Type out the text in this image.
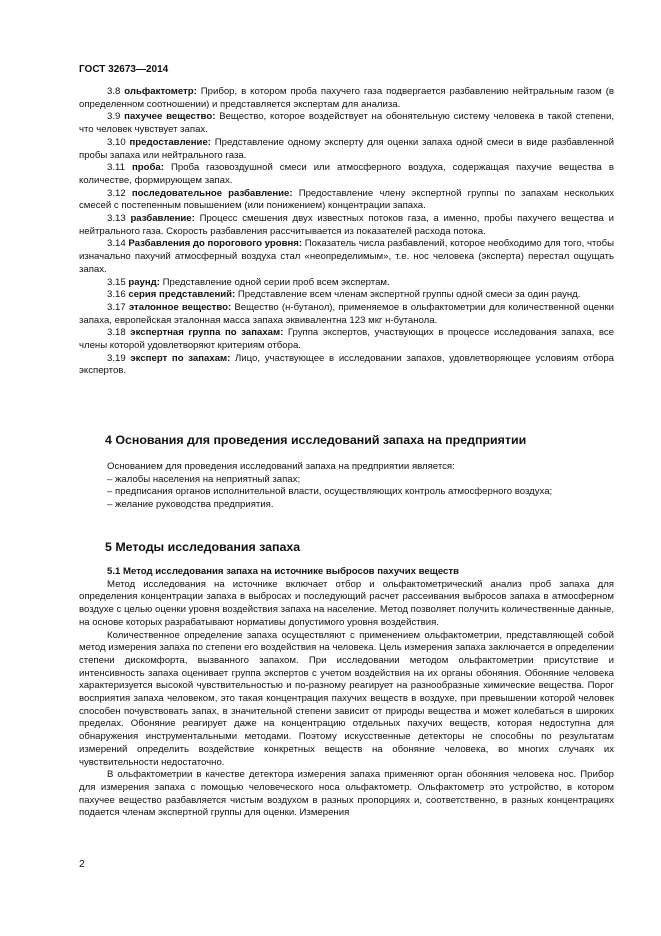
ГОСТ 32673—2014

3.8 ольфактометр: Прибор, в котором проба пахучего газа подвергается разбавлению нейтральным газом (в определенном соотношении) и представляется экспертам для анализа.

3.9 пахучее вещество: Вещество, которое воздействует на обонятельную систему человека в такой степени, что человек чувствует запах.

3.10 предоставление: Представление одному эксперту для оценки запаха одной смеси в виде разбавленной пробы запаха или нейтрального газа.

3.11 проба: Проба газовоздушной смеси или атмосферного воздуха, содержащая пахучие вещества в количестве, формирующем запах.

3.12 последовательное разбавление: Предоставление члену экспертной группы по запахам нескольких смесей с постепенным повышением (или понижением) концентрации запаха.

3.13 разбавление: Процесс смешения двух известных потоков газа, а именно, пробы пахучего вещества и нейтрального газа. Скорость разбавления рассчитывается из показателей расхода потока.

3.14 Разбавления до порогового уровня: Показатель числа разбавлений, которое необходимо для того, чтобы изначально пахучий атмосферный воздуха стал «неопределимым», т.е. нос человека (эксперта) перестал ощущать запах.

3.15 раунд: Представление одной серии проб всем экспертам.

3.16 серия представлений: Представление всем членам экспертной группы одной смеси за один раунд.

3.17 эталонное вещество: Вещество (н-бутанол), применяемое в ольфактометрии для количественной оценки запаха, европейская эталонная масса запаха эквивалентна 123 мкг н-бутанола.

3.18 экспертная группа по запахам: Группа экспертов, участвующих в процессе исследования запаха, все члены которой удовлетворяют критериям отбора.

3.19 эксперт по запахам: Лицо, участвующее в исследовании запахов, удовлетворяющее условиям отбора экспертов.

4 Основания для проведения исследований запаха на предприятии

Основанием для проведения исследований запаха на предприятии является:

– жалобы населения на неприятный запах;

– предписания органов исполнительной власти, осуществляющих контроль атмосферного воздуха;

– желание руководства предприятия.

5 Методы исследования запаха

5.1 Метод исследования запаха на источнике выбросов пахучих веществ

Метод исследования на источнике включает отбор и ольфактометрический анализ проб запаха для определения концентрации запаха в выбросах и последующий расчет рассеивания выбросов запаха в атмосферном воздухе с целью оценки уровня воздействия запаха на население. Метод позволяет получить количественные данные, на основе которых разрабатывают нормативы допустимого уровня воздействия.

Количественное определение запаха осуществляют с применением ольфактометрии, представляющей собой метод измерения запаха по степени его воздействия на человека. Цель измерения запаха заключается в определении степени дискомфорта, вызванного запахом. При исследовании методом ольфактометрии присутствие и интенсивность запаха оценивает группа экспертов с учетом воздействия на их органы обоняния. Обоняние человека характеризуется высокой чувствительностью и по-разному реагирует на разнообразные химические вещества. Порог восприятия запаха человеком, это такая концентрация пахучих веществ в воздухе, при превышении которой человек способен почувствовать запах, в значительной степени зависит от природы вещества и может колебаться в широких пределах. Обоняние реагирует даже на концентрацию отдельных пахучих веществ, которая недоступна для обнаружения инструментальными методами. Поэтому искусственные детекторы не способны по результатам измерений определить воздействие конкретных веществ на обоняние человека, во многих случаях их чувствительности недостаточно.

В ольфактометрии в качестве детектора измерения запаха применяют орган обоняния человека нос. Прибор для измерения запаха с помощью человеческого носа ольфактометр. Ольфактометр это устройство, в котором пахучее вещество разбавляется чистым воздухом в разных пропорциях и, соответственно, в разных концентрациях подается членам экспертной группы для оценки. Измерения

2
